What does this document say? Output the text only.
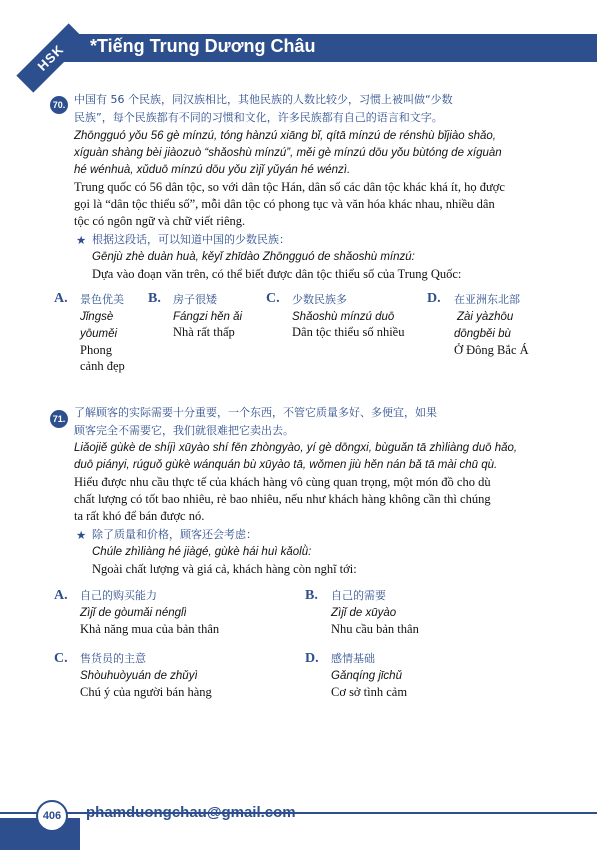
*Tiếng Trung Dương Châu
HSK
70. 中国有 56 个民族，同汉族相比，其他民族的人数比较少，习惯上被叫做“少数
民族”，每个民族都有不同的习惯和文化，许多民族都有自己的语言和文字。
Zhōngguó yǒu 56 gè mínzú, tóng hànzú xiāng bǐ, qítā mínzú de rénshù bǐjiào shǎo,
xíguàn shàng bèi jiàozuò “shǎoshù mínzú”, měi gè mínzú dōu yǒu bùtóng de xíguàn
hé wénhuà, xǔduō mínzú dōu yǒu zìjǐ yǔyán hé wénzì.
Trung quốc có 56 dân tộc, so với dân tộc Hán, dân số các dân tộc khác khá ít, họ được
gọi là “dân tộc thiểu số”, mỗi dân tộc có phong tục và văn hóa khác nhau, nhiều dân
tộc có ngôn ngữ và chữ viết riêng.
★ 根据这段话，可以知道中国的少数民族：
Gēnjù zhè duàn huà, kěyǐ zhīdào Zhōngguó de shǎoshù mínzú:
Dựa vào đoạn văn trên, có thể biết được dân tộc thiểu số của Trung Quốc:
A. 景色优美
Jǐngsè
yōuměi
Phong
cảnh đẹp
B. 房子很矮
Fángzi hěn ǎi
Nhà rất thấp
C. 少数民族多
Shǎoshù mínzú duō
Dân tộc thiểu số nhiều
D. 在亚洲东北部
Zài yàzhōu
dōngběi bù
Ở Đông Bắc Á
71. 了解顾客的实际需要十分重要，一个东西，不管它质量多好、多便宜，如果
顾客完全不需要它，我们就很难把它卖出去。
Liǎojiě gùkè de shíjì xūyào shí fēn zhòngyào, yí gè dōngxi, bùguǎn tā zhìliàng duō hǎo,
duō piányi, rúguǒ gùkè wánquán bù xūyào tā, wǒmen jiù hěn nán bǎ tā mài chū qù.
Hiểu được nhu cầu thực tế của khách hàng vô cùng quan trọng, một món đồ cho dù
chất lượng có tốt bao nhiêu, rẻ bao nhiêu, nếu như khách hàng không cần thì chúng
ta rất khó để bán được nó.
★ 除了质量和价格，顾客还会考虑：
Chúle zhìliàng hé jiàgé, gùkè hái huì kǎolǜ:
Ngoài chất lượng và giá cả, khách hàng còn nghĩ tới:
A. 自己的购买能力
Zìjǐ de gòumǎi nénglì
Khả năng mua của bản thân
B. 自己的需要
Zìjǐ de xūyào
Nhu cầu bản thân
C. 售货员的主意
Shòuhuòyuán de zhǔyì
Chú ý của người bán hàng
D. 感情基础
Gǎnqíng jīchǔ
Cơ sở tình cảm
406	phamduongchau@gmail.com
